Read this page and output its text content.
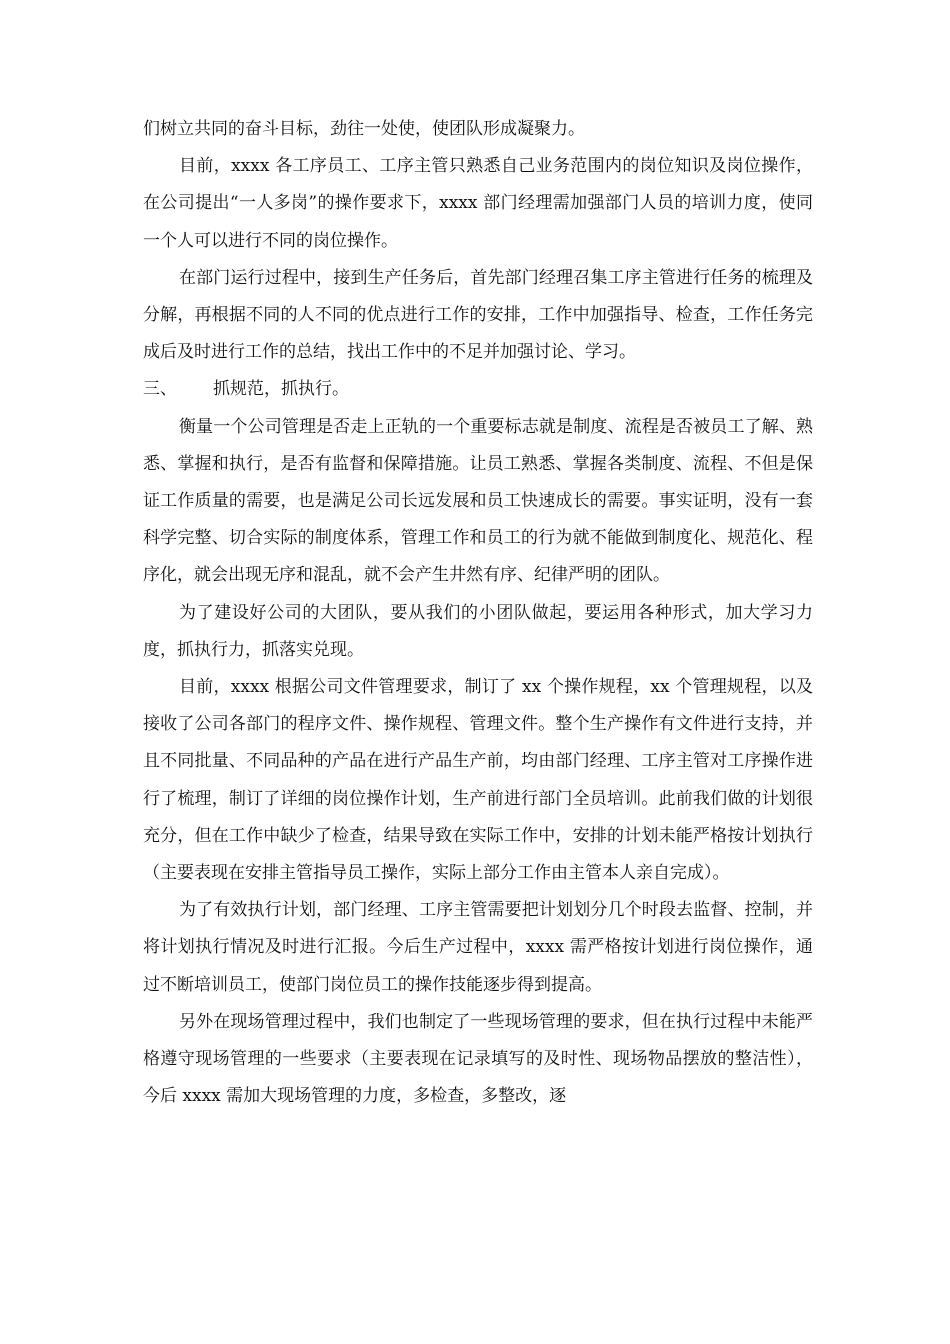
们树立共同的奋斗目标，劲往一处使，使团队形成凝聚力。

目前，xxxx 各工序员工、工序主管只熟悉自己业务范围内的岗位知识及岗位操作，在公司提出“一人多岗”的操作要求下，xxxx 部门经理需加强部门人员的培训力度，使同一个人可以进行不同的岗位操作。

在部门运行过程中，接到生产任务后，首先部门经理召集工序主管进行任务的梳理及分解，再根据不同的人不同的优点进行工作的安排，工作中加强指导、检查，工作任务完成后及时进行工作的总结，找出工作中的不足并加强讨论、学习。

三、	抓规范，抓执行。

衡量一个公司管理是否走上正轨的一个重要标志就是制度、流程是否被员工了解、熟悉、掌握和执行，是否有监督和保障措施。让员工熟悉、掌握各类制度、流程、不但是保证工作质量的需要，也是满足公司长远发展和员工快速成长的需要。事实证明，没有一套科学完整、切合实际的制度体系，管理工作和员工的行为就不能做到制度化、规范化、程序化，就会出现无序和混乱，就不会产生井然有序、纪律严明的团队。

为了建设好公司的大团队，要从我们的小团队做起，要运用各种形式，加大学习力度，抓执行力，抓落实兑现。

目前，xxxx 根据公司文件管理要求，制订了 xx 个操作规程，xx 个管理规程，以及接收了公司各部门的程序文件、操作规程、管理文件。整个生产操作有文件进行支持，并且不同批量、不同品种的产品在进行产品生产前，均由部门经理、工序主管对工序操作进行了梳理，制订了详细的岗位操作计划，生产前进行部门全员培训。此前我们做的计划很充分，但在工作中缺少了检查，结果导致在实际工作中，安排的计划未能严格按计划执行（主要表现在安排主管指导员工操作，实际上部分工作由主管本人亲自完成）。

为了有效执行计划，部门经理、工序主管需要把计划划分几个时段去监督、控制，并将计划执行情况及时进行汇报。今后生产过程中，xxxx 需严格按计划进行岗位操作，通过不断培训员工，使部门岗位员工的操作技能逐步得到提高。

另外在现场管理过程中，我们也制定了一些现场管理的要求，但在执行过程中未能严格遵守现场管理的一些要求（主要表现在记录填写的及时性、现场物品摆放的整洁性），今后 xxxx 需加大现场管理的力度，多检查，多整改，逐
